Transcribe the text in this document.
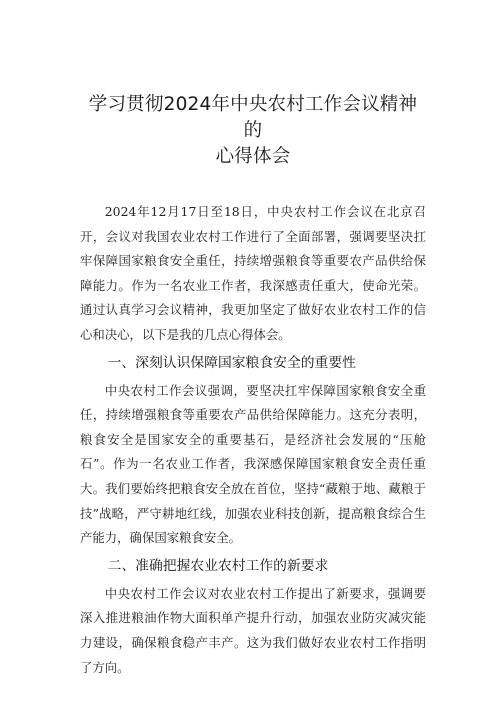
学习贯彻2024年中央农村工作会议精神的
心得体会

2024年12月17日至18日，中央农村工作会议在北京召开，会议对我国农业农村工作进行了全面部署，强调要坚决扛牢保障国家粮食安全重任，持续增强粮食等重要农产品供给保障能力。作为一名农业工作者，我深感责任重大，使命光荣。通过认真学习会议精神，我更加坚定了做好农业农村工作的信心和决心，以下是我的几点心得体会。

一、深刻认识保障国家粮食安全的重要性

中央农村工作会议强调，要坚决扛牢保障国家粮食安全重任，持续增强粮食等重要农产品供给保障能力。这充分表明，粮食安全是国家安全的重要基石，是经济社会发展的“压舱石”。作为一名农业工作者，我深感保障国家粮食安全责任重大。我们要始终把粮食安全放在首位，坚持“藏粮于地、藏粮于技”战略，严守耕地红线，加强农业科技创新，提高粮食综合生产能力，确保国家粮食安全。

二、准确把握农业农村工作的新要求

中央农村工作会议对农业农村工作提出了新要求，强调要深入推进粮油作物大面积单产提升行动，加强农业防灾减灾能力建设，确保粮食稳产丰产。这为我们做好农业农村工作指明了方向。
